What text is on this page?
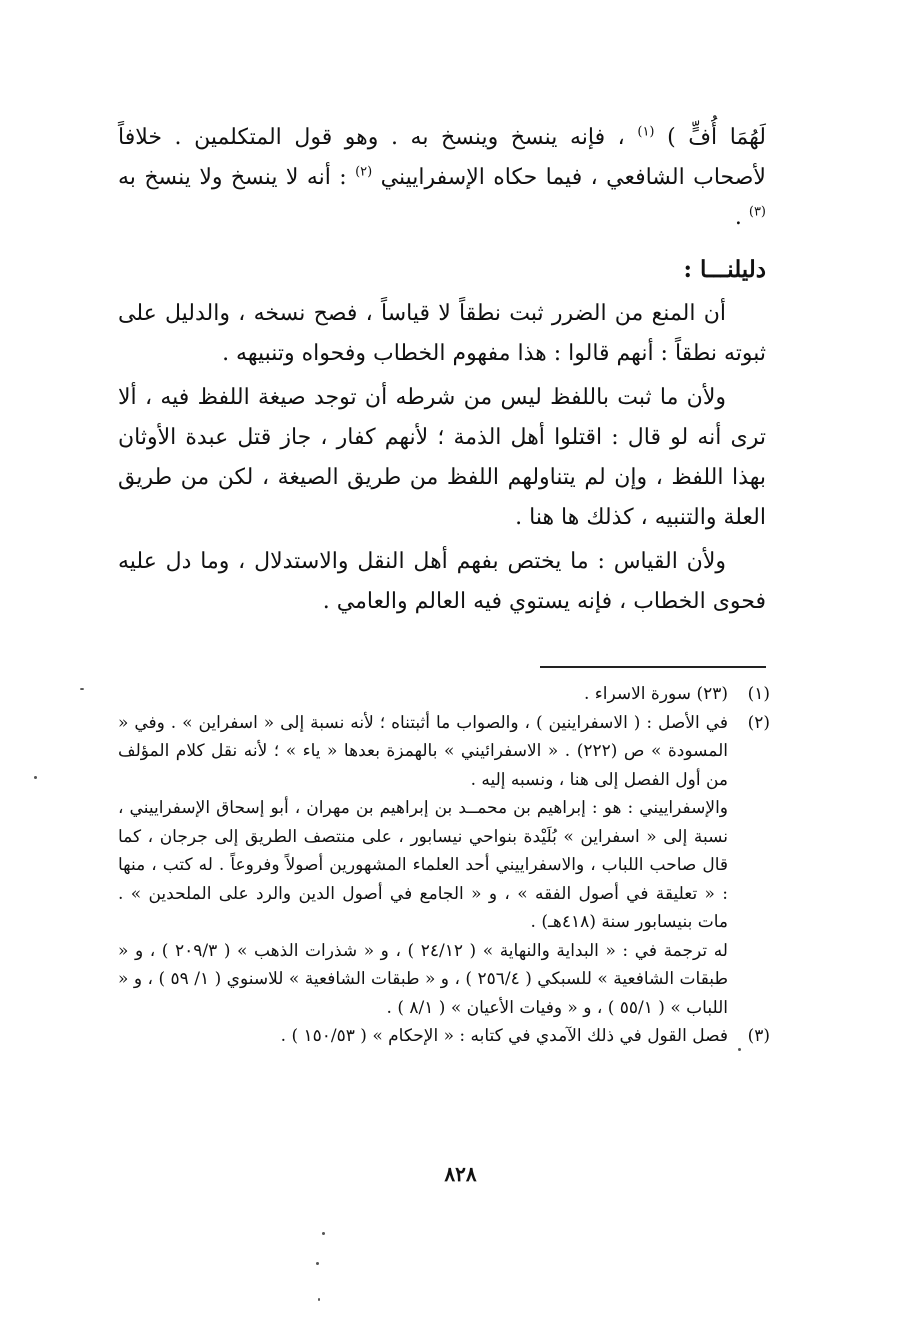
لَهُمَا أُفٍّ ) $^{(١)}$ ، فإنه ينسخ وينسخ به . وهو قول المتكلمين . خلافاً لأصحاب الشافعي ، فيما حكاه الإسفراييني $^{(٢)}$ : أنه لا ينسخ ولا ينسخ به $^{(٣)}$ .

دليلنـــا :

أن المنع من الضرر ثبت نطقاً لا قياساً ، فصح نسخه ، والدليل على ثبوته نطقاً : أنهم قالوا : هذا مفهوم الخطاب وفحواه وتنبيهه .

ولأن ما ثبت باللفظ ليس من شرطه أن توجد صيغة اللفظ فيه ، ألا ترى أنه لو قال : اقتلوا أهل الذمة ؛ لأنهم كفار ، جاز قتل عبدة الأوثان بهذا اللفظ ، وإن لم يتناولهم اللفظ من طريق الصيغة ، لكن من طريق العلة والتنبيه ، كذلك ها هنا .

ولأن القياس : ما يختص بفهم أهل النقل والاستدلال ، وما دل عليه فحوى الخطاب ، فإنه يستوي فيه العالم والعامي .

(١)

(٢٣) سورة الاسراء .

(٢)

في الأصل : ( الاسفراينين ) ، والصواب ما أثبتناه ؛ لأنه نسبة إلى « اسفراين » . وفي « المسودة » ص (٢٢٢) . « الاسفرائيني » بالهمزة بعدها « ياء » ؛ لأنه نقل كلام المؤلف من أول الفصل إلى هنا ، ونسبه إليه .

والإسفراييني : هو : إبراهيم بن محمــد بن إبراهيم بن مهران ، أبو إسحاق الإسفراييني ، نسبة إلى « اسفراين » بُلَيْدة بنواحي نيسابور ، على منتصف الطريق إلى جرجان ، كما قال صاحب اللباب ، والاسفراييني أحد العلماء المشهورين أصولاً وفروعاً . له كتب ، منها : « تعليقة في أصول الفقه » ، و « الجامع في أصول الدين والرد على الملحدين » . مات بنيسابور سنة (٤١٨هـ) .

له ترجمة في : « البداية والنهاية » ( ٢٤/١٢ ) ، و « شذرات الذهب » ( ٢٠٩/٣ ) ، و « طبقات الشافعية » للسبكي ( ٢٥٦/٤ ) ، و « طبقات الشافعية » للاسنوي ( ١/ ٥٩ ) ، و « اللباب » ( ٥٥/١ ) ، و « وفيات الأعيان » ( ٨/١ ) .

(٣)

فصل القول في ذلك الآمدي في كتابه : « الإحكام » ( ١٥٠/٥٣ ) .

٨٢٨
